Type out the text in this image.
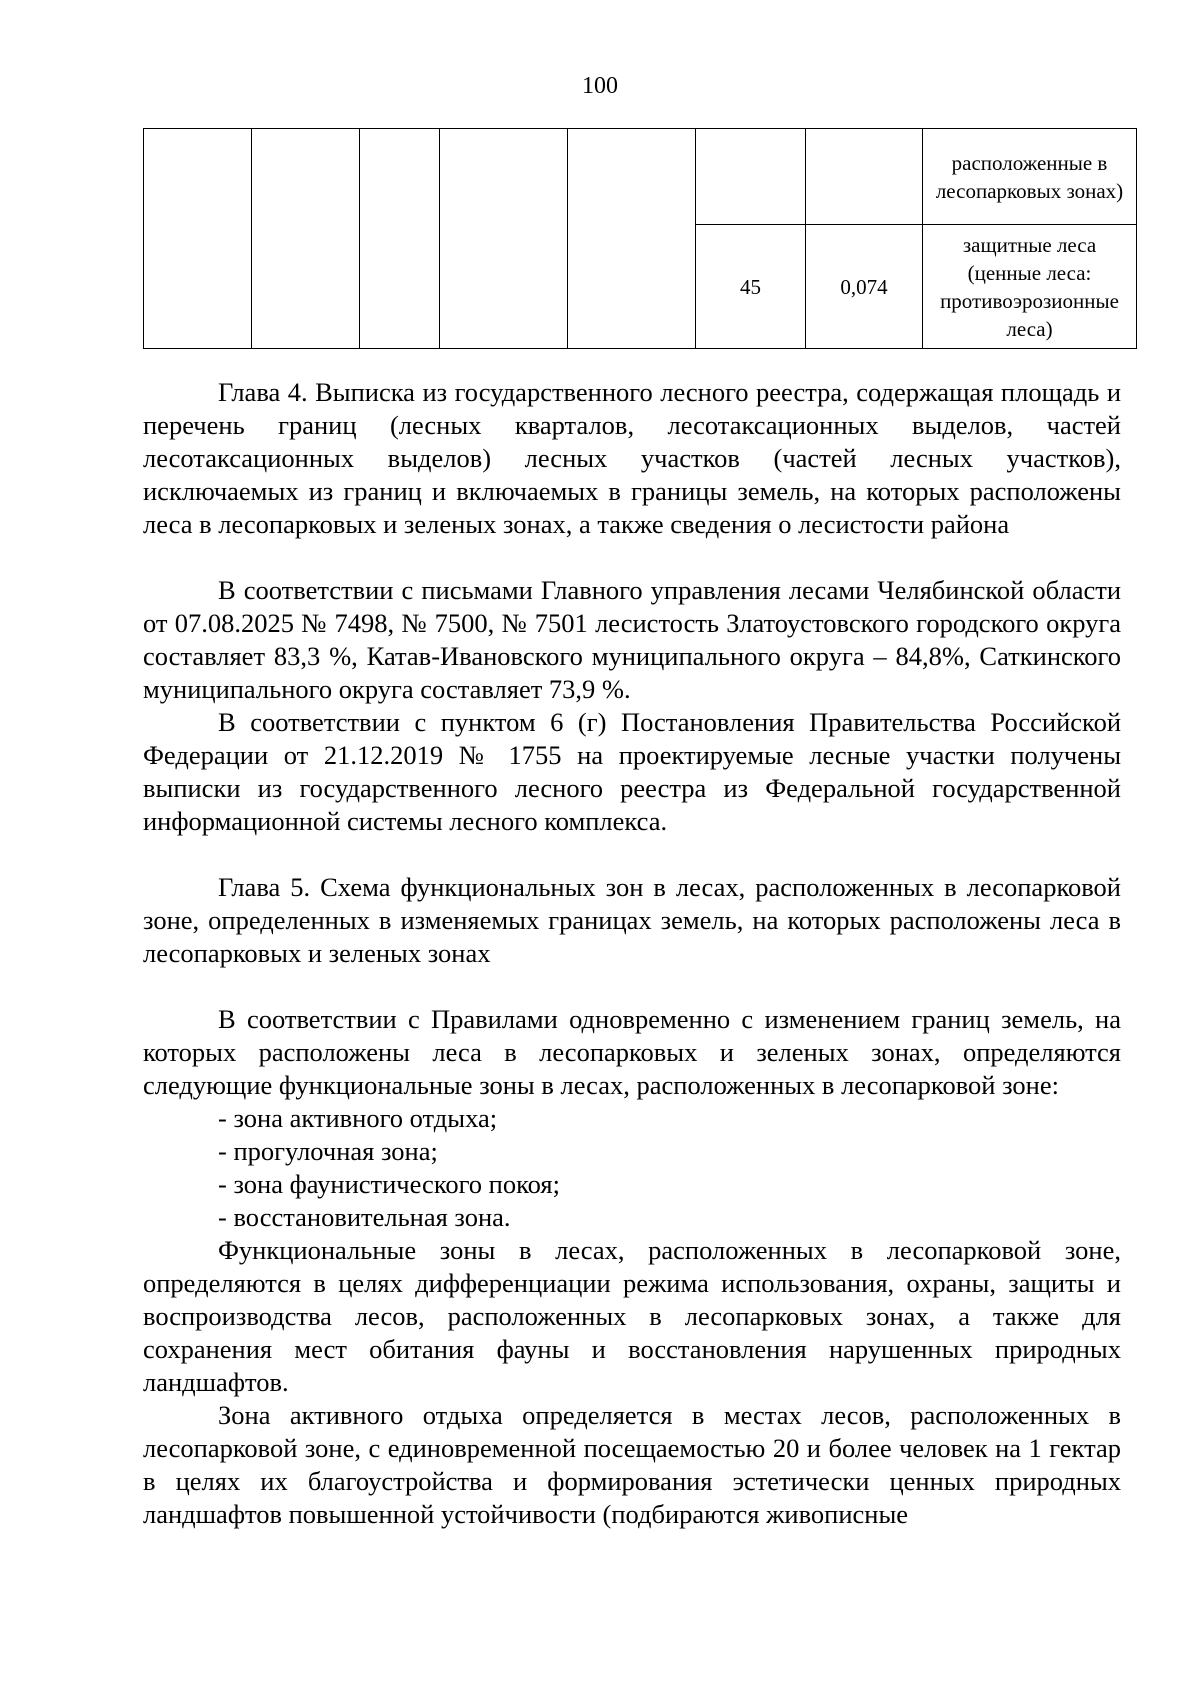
100
							расположенные в лесопарковых зонах)
					45	0,074	защитные леса (ценные леса: противоэрозионные леса)

Глава 4. Выписка из государственного лесного реестра, содержащая площадь и перечень границ (лесных кварталов, лесотаксационных выделов, частей лесотаксационных выделов) лесных участков (частей лесных участков), исключаемых из границ и включаемых в границы земель, на которых расположены леса в лесопарковых и зеленых зонах, а также сведения о лесистости района

В соответствии с письмами Главного управления лесами Челябинской области от 07.08.2025 № 7498, № 7500, № 7501 лесистость Златоустовского городского округа составляет 83,3 %, Катав-Ивановского муниципального округа – 84,8%, Саткинского муниципального округа составляет 73,9 %.

В соответствии с пунктом 6 (г) Постановления Правительства Российской Федерации от 21.12.2019 № 1755 на проектируемые лесные участки получены выписки из государственного лесного реестра из Федеральной государственной информационной системы лесного комплекса.

Глава 5. Схема функциональных зон в лесах, расположенных в лесопарковой зоне, определенных в изменяемых границах земель, на которых расположены леса в лесопарковых и зеленых зонах

В соответствии с Правилами одновременно с изменением границ земель, на которых расположены леса в лесопарковых и зеленых зонах, определяются следующие функциональные зоны в лесах, расположенных в лесопарковой зоне:

- зона активного отдыха;

- прогулочная зона;

- зона фаунистического покоя;

- восстановительная зона.

Функциональные зоны в лесах, расположенных в лесопарковой зоне, определяются в целях дифференциации режима использования, охраны, защиты и воспроизводства лесов, расположенных в лесопарковых зонах, а также для сохранения мест обитания фауны и восстановления нарушенных природных ландшафтов.

Зона активного отдыха определяется в местах лесов, расположенных в лесопарковой зоне, с единовременной посещаемостью 20 и более человек на 1 гектар в целях их благоустройства и формирования эстетически ценных природных ландшафтов повышенной устойчивости (подбираются живописные
